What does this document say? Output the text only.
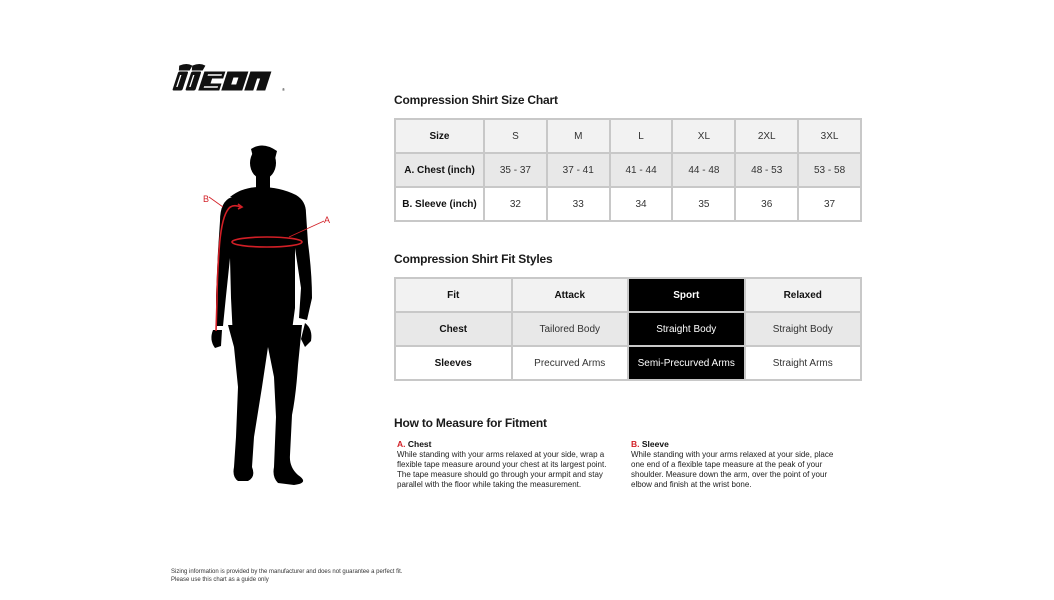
®
B
A
Compression Shirt Size Chart
Size	S	M	L	XL	2XL	3XL
A. Chest (inch)	35 - 37	37 - 41	41 - 44	44 - 48	48 - 53	53 - 58
B. Sleeve (inch)	32	33	34	35	36	37
Compression Shirt Fit Styles
Fit	Attack	Sport	Relaxed
Chest	Tailored Body	Straight Body	Straight Body
Sleeves	Precurved Arms	Semi-Precurved Arms	Straight Arms
How to Measure for Fitment
A. Chest
While standing with your arms relaxed at your side, wrap a flexible tape measure around your chest at its largest point. The tape measure should go through your armpit and stay parallel with the floor while taking the measurement.
B. Sleeve
While standing with your arms relaxed at your side, place one end of a flexible tape measure at the peak of your shoulder. Measure down the arm, over the point of your elbow and finish at the wrist bone.
Sizing information is provided by the manufacturer and does not guarantee a perfect fit.
Please use this chart as a guide only
